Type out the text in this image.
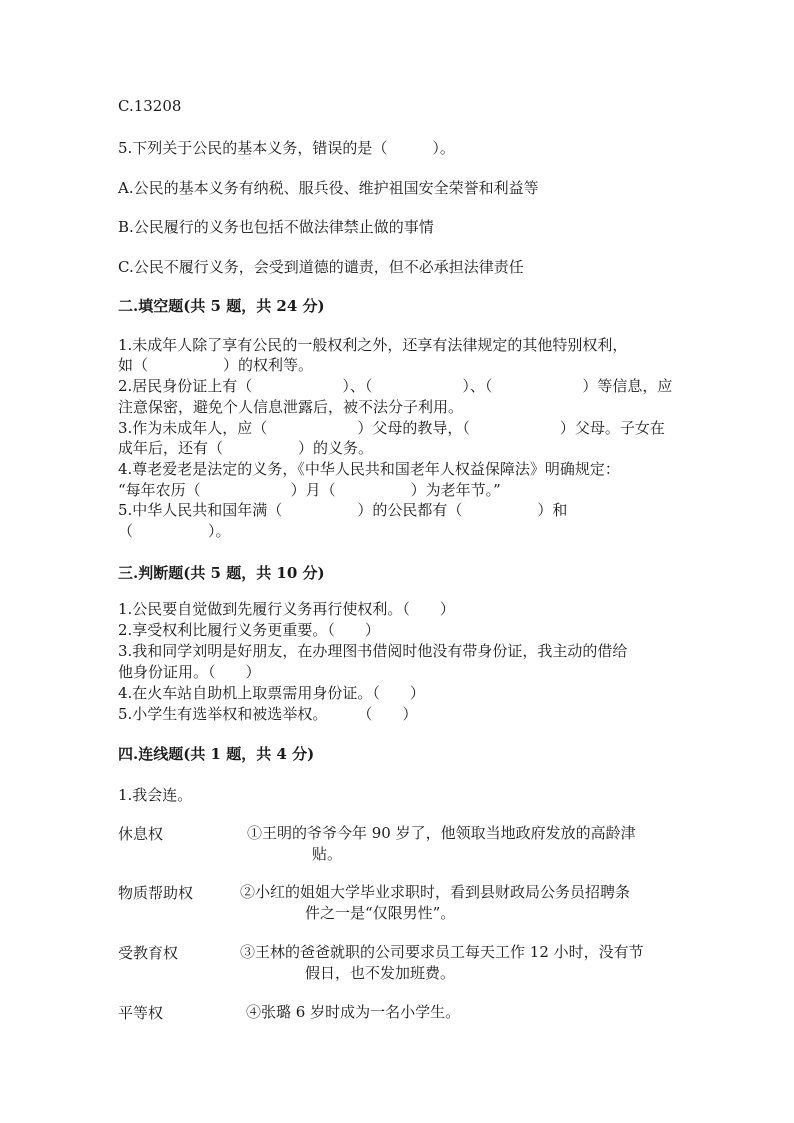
C.13208
5.下列关于公民的基本义务，错误的是（　　　）。
A.公民的基本义务有纳税、服兵役、维护祖国安全荣誉和利益等
B.公民履行的义务也包括不做法律禁止做的事情
C.公民不履行义务，会受到道德的谴责，但不必承担法律责任
二.填空题(共 5 题，共 24 分)
1.未成年人除了享有公民的一般权利之外，还享有法律规定的其他特别权利，
如（　　　　　）的权利等。
2.居民身份证上有（　　　　　　）、（　　　　　　）、（　　　　　　）等信息，应
注意保密，避免个人信息泄露后，被不法分子利用。
3.作为未成年人，应（　　　　　　）父母的教导，（　　　　　　）父母。子女在
成年后，还有（　　　　　）的义务。
4.尊老爱老是法定的义务，《中华人民共和国老年人权益保障法》明确规定：
“每年农历（　　　　　　）月（　　　　　）为老年节。”
5.中华人民共和国年满（　　　　　）的公民都有（　　　　　）和
（　　　　　）。
三.判断题(共 5 题，共 10 分)
1.公民要自觉做到先履行义务再行使权利。（　　）
2.享受权利比履行义务更重要。（　　）
3.我和同学刘明是好朋友，在办理图书借阅时他没有带身份证，我主动的借给
他身份证用。（　　）
4.在火车站自助机上取票需用身份证。（　　）
5.小学生有选举权和被选举权。　　　（　　）
四.连线题(共 1 题，共 4 分)
1.我会连。
休息权	①王明的爷爷今年 90 岁了，他领取当地政府发放的高龄津
贴。
物质帮助权	②小红的姐姐大学毕业求职时，看到县财政局公务员招聘条
件之一是“仅限男性”。
受教育权	③王林的爸爸就职的公司要求员工每天工作 12 小时，没有节
假日，也不发加班费。
平等权	④张璐 6 岁时成为一名小学生。
